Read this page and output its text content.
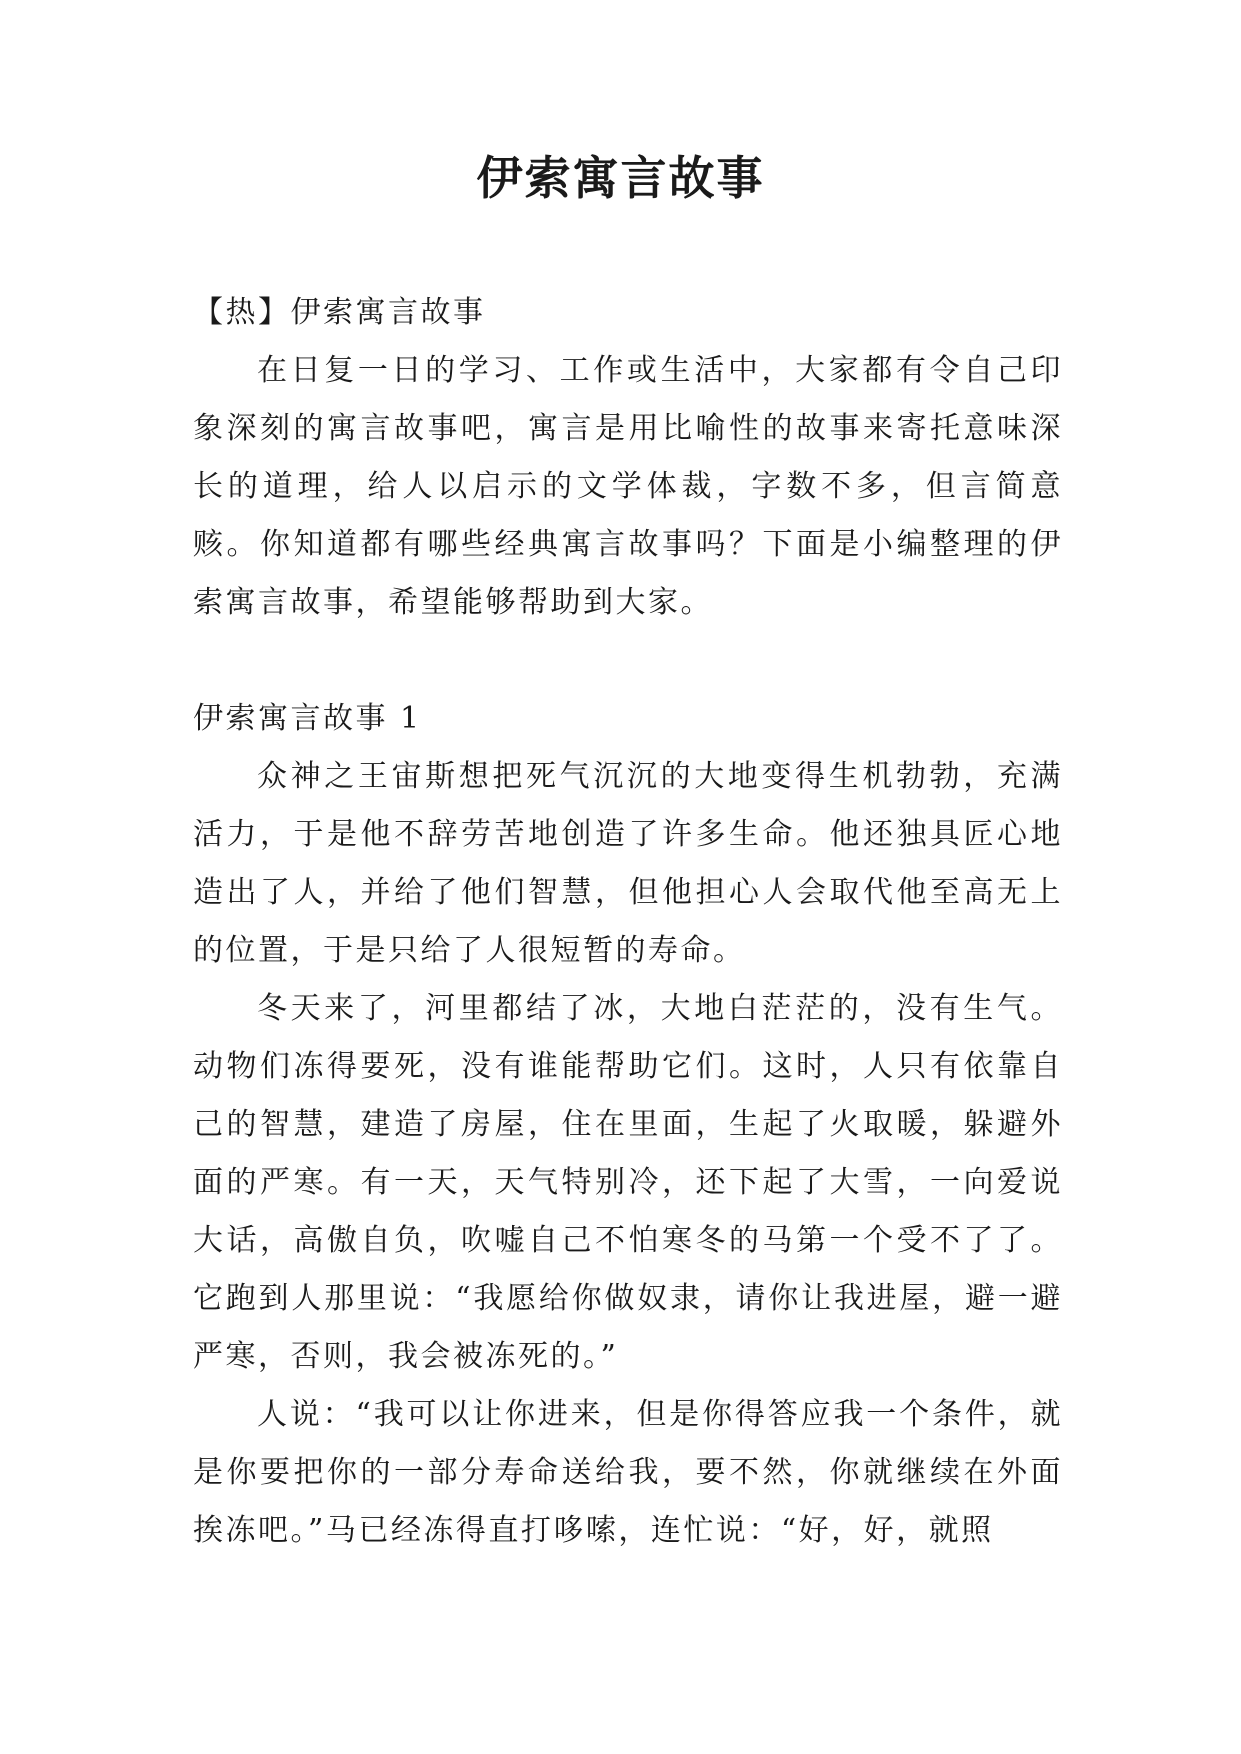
伊索寓言故事

【热】伊索寓言故事

在日复一日的学习、工作或生活中，大家都有令自己印象深刻的寓言故事吧，寓言是用比喻性的故事来寄托意味深长的道理，给人以启示的文学体裁，字数不多，但言简意赅。你知道都有哪些经典寓言故事吗？下面是小编整理的伊索寓言故事，希望能够帮助到大家。

伊索寓言故事 1

众神之王宙斯想把死气沉沉的大地变得生机勃勃，充满活力，于是他不辞劳苦地创造了许多生命。他还独具匠心地造出了人，并给了他们智慧，但他担心人会取代他至高无上的位置，于是只给了人很短暂的寿命。

冬天来了，河里都结了冰，大地白茫茫的，没有生气。动物们冻得要死，没有谁能帮助它们。这时，人只有依靠自己的智慧，建造了房屋，住在里面，生起了火取暖，躲避外面的严寒。有一天，天气特别冷，还下起了大雪，一向爱说大话，高傲自负，吹嘘自己不怕寒冬的马第一个受不了了。它跑到人那里说：“我愿给你做奴隶，请你让我进屋，避一避严寒，否则，我会被冻死的。”

人说：“我可以让你进来，但是你得答应我一个条件，就是你要把你的一部分寿命送给我，要不然，你就继续在外面挨冻吧。”马已经冻得直打哆嗦，连忙说：“好，好，就照
